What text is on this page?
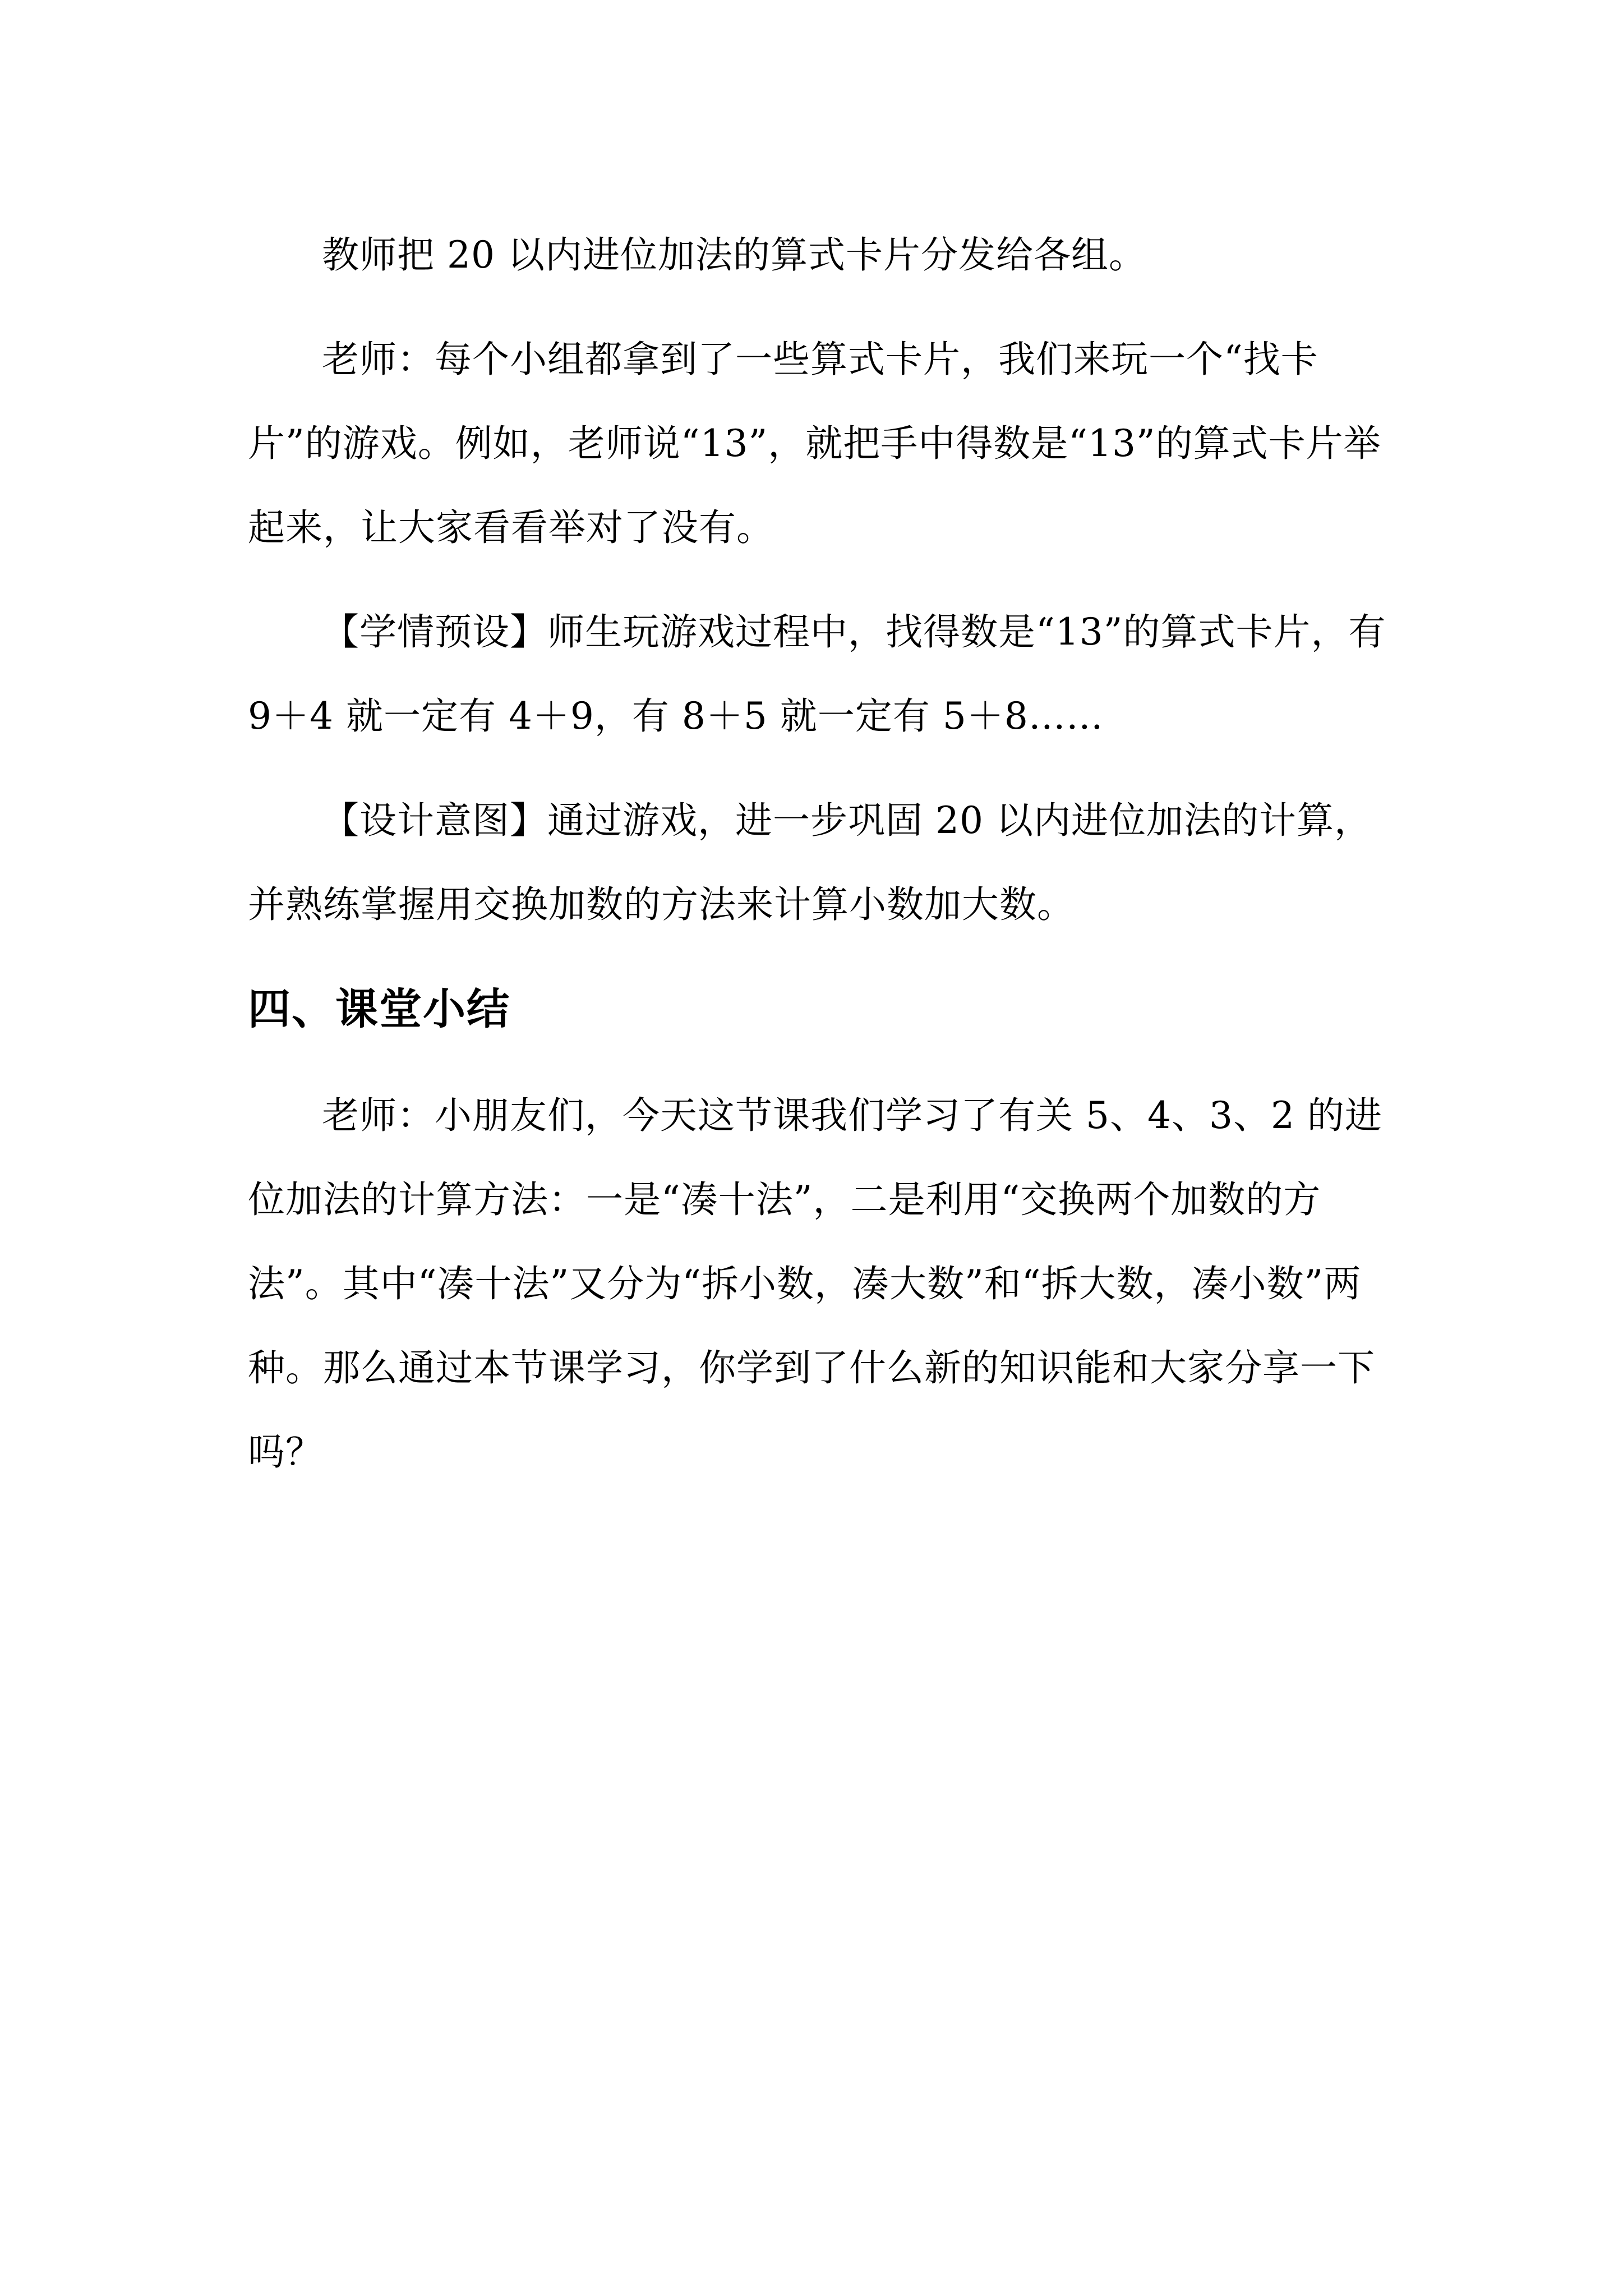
教师把 20 以内进位加法的算式卡片分发给各组。

老师：每个小组都拿到了一些算式卡片，我们来玩一个“找卡片”的游戏。例如，老师说“13”，就把手中得数是“13”的算式卡片举起来，让大家看看举对了没有。

【学情预设】师生玩游戏过程中，找得数是“13”的算式卡片，有 9＋4 就一定有 4＋9，有 8＋5 就一定有 5＋8……

【设计意图】通过游戏，进一步巩固 20 以内进位加法的计算，并熟练掌握用交换加数的方法来计算小数加大数。

四、课堂小结

老师：小朋友们，今天这节课我们学习了有关 5、4、3、2 的进位加法的计算方法：一是“凑十法”，二是利用“交换两个加数的方法”。其中“凑十法”又分为“拆小数，凑大数”和“拆大数，凑小数”两种。那么通过本节课学习，你学到了什么新的知识能和大家分享一下吗？
